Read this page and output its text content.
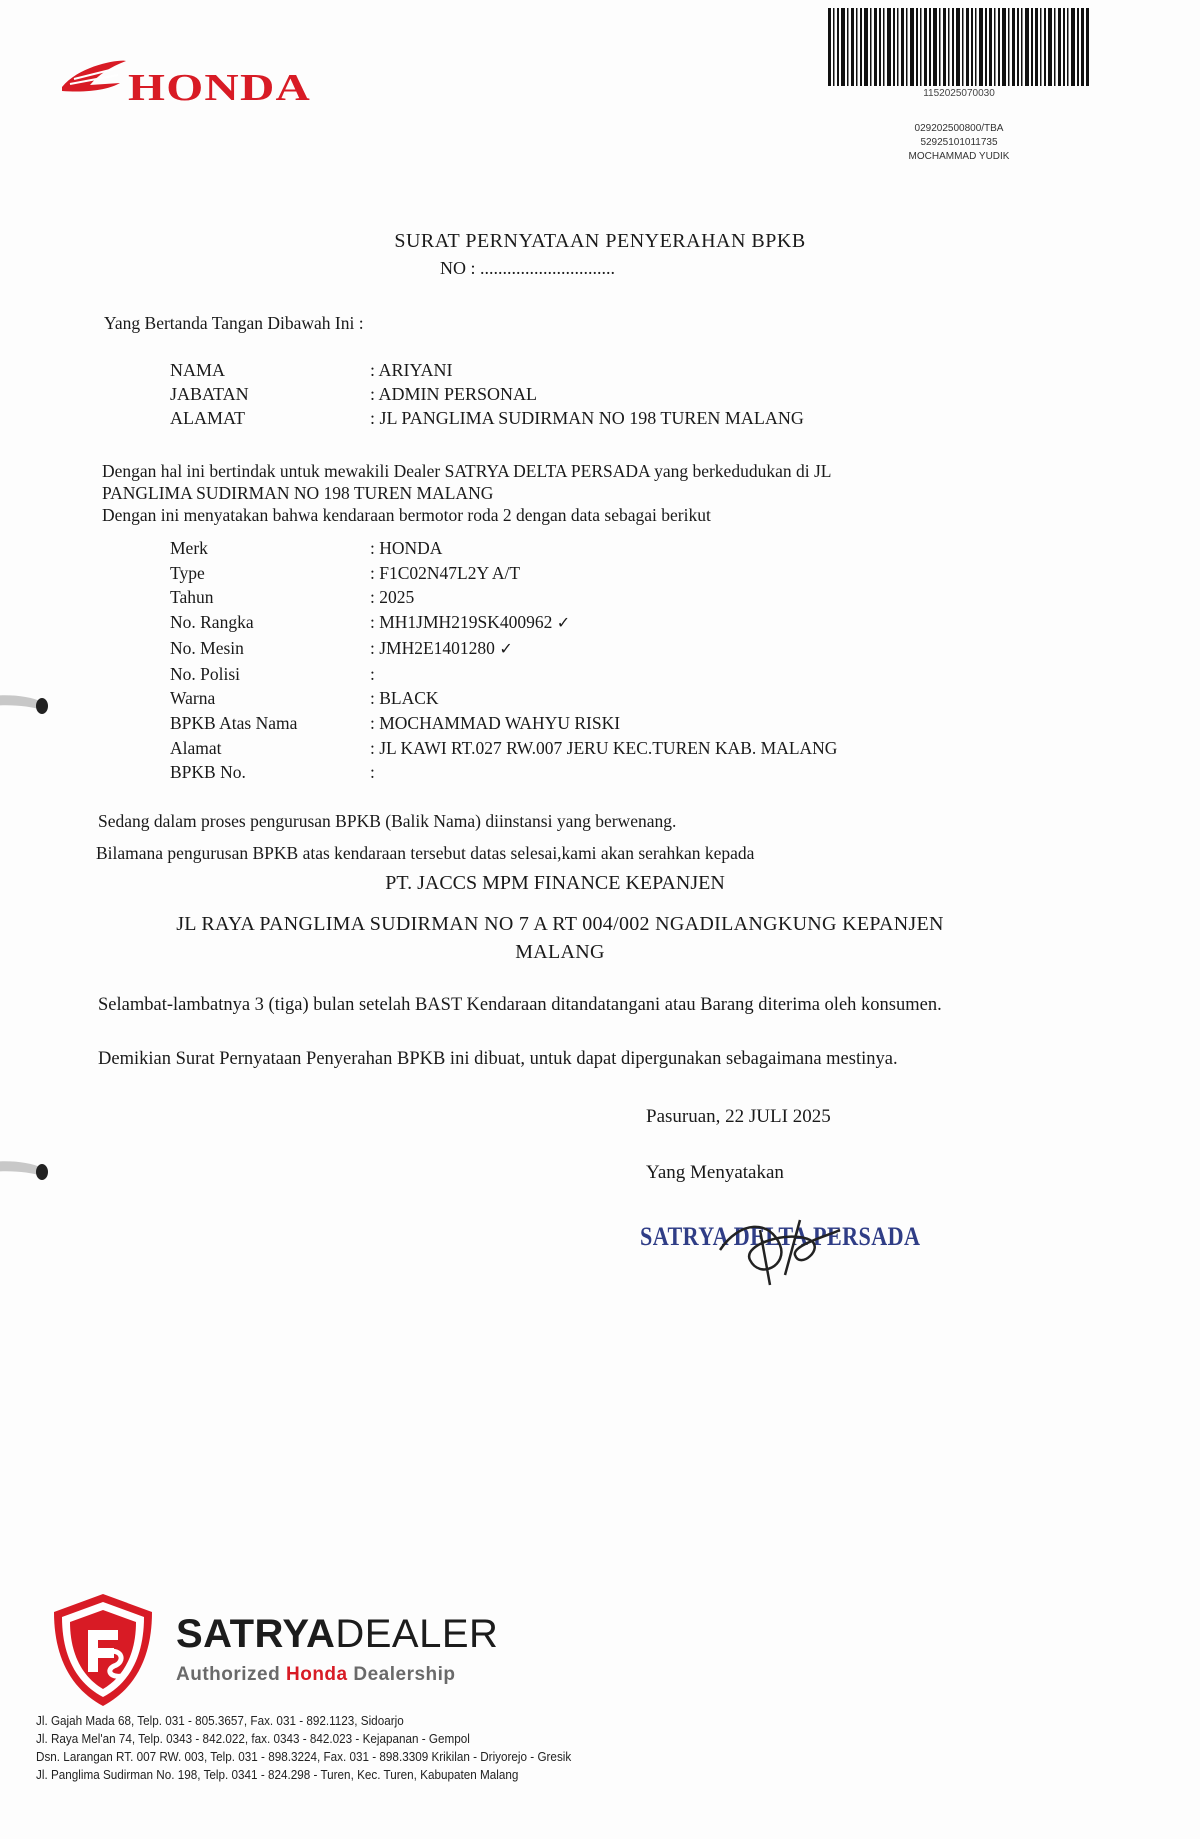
HONDA	1152025070030
029202500800/TBA
52925101011735
MOCHAMMAD YUDIK
SURAT PERNYATAAN PENYERAHAN BPKB
NO : ..............................
Yang Bertanda Tangan Dibawah Ini :
NAMA	: ARIYANI
JABATAN	: ADMIN PERSONAL
ALAMAT	: JL PANGLIMA SUDIRMAN NO 198 TUREN MALANG
Dengan hal ini bertindak untuk mewakili Dealer SATRYA DELTA PERSADA yang berkedudukan di JL
PANGLIMA SUDIRMAN NO 198 TUREN MALANG
Dengan ini menyatakan bahwa kendaraan bermotor roda 2 dengan data sebagai berikut
Merk	: HONDA
Type	: F1C02N47L2Y A/T
Tahun	: 2025
No. Rangka	: MH1JMH219SK400962 ✓
No. Mesin	: JMH2E1401280 ✓
No. Polisi	:
Warna	: BLACK
BPKB Atas Nama	: MOCHAMMAD WAHYU RISKI
Alamat	: JL KAWI RT.027 RW.007 JERU KEC.TUREN KAB. MALANG
BPKB No.	:
Sedang dalam proses pengurusan BPKB (Balik Nama) diinstansi yang berwenang.
Bilamana pengurusan BPKB atas kendaraan tersebut datas selesai,kami akan serahkan kepada
PT. JACCS MPM FINANCE KEPANJEN
JL RAYA PANGLIMA SUDIRMAN NO 7 A RT 004/002 NGADILANGKUNG KEPANJEN
MALANG
Selambat-lambatnya 3 (tiga) bulan setelah BAST Kendaraan ditandatangani atau Barang diterima oleh konsumen.
Demikian Surat Pernyataan Penyerahan BPKB ini dibuat, untuk dapat dipergunakan sebagaimana mestinya.
Pasuruan, 22 JULI 2025
Yang Menyatakan
SATRYA DELTA PERSADA
SATRYADEALER
Authorized Honda Dealership
Jl. Gajah Mada 68, Telp. 031 - 805.3657, Fax. 031 - 892.1123, Sidoarjo
Jl. Raya Mel'an 74, Telp. 0343 - 842.022, fax. 0343 - 842.023 - Kejapanan - Gempol
Dsn. Larangan RT. 007 RW. 003, Telp. 031 - 898.3224, Fax. 031 - 898.3309 Krikilan - Driyorejo - Gresik
Jl. Panglima Sudirman No. 198, Telp. 0341 - 824.298 - Turen, Kec. Turen, Kabupaten Malang
